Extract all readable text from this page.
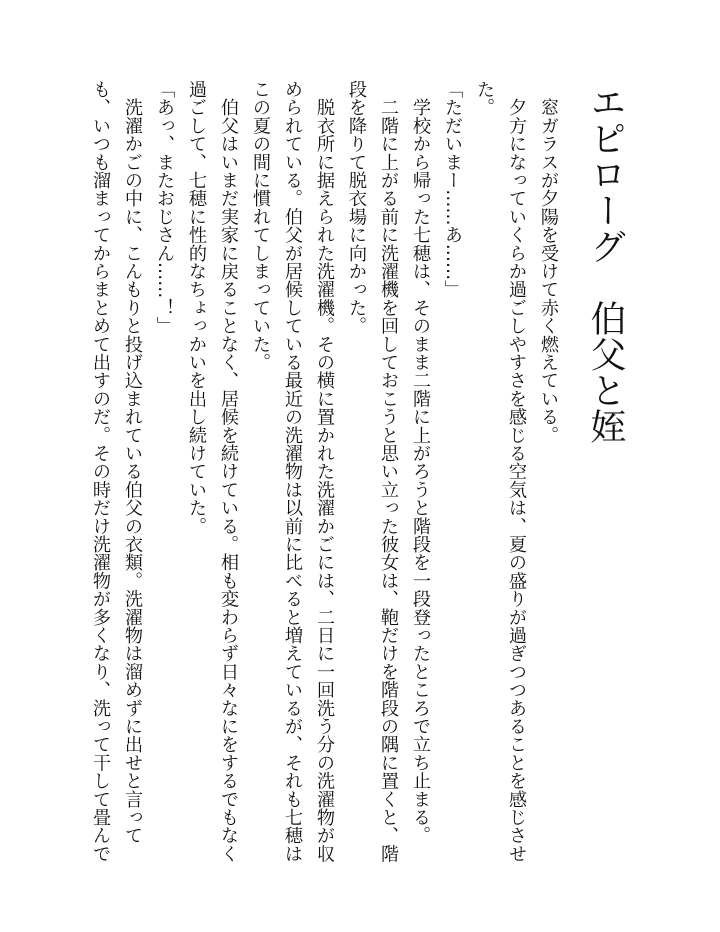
エピローグ　伯父と姪
　窓ガラスが夕陽を受けて赤く燃えている。
　夕方になっていくらか過ごしやすさを感じる空気は、夏の盛りが過ぎつつあることを感じさせ
た。
「ただいまー……あ……」
　学校から帰った七穂は、そのまま二階に上がろうと階段を一段登ったところで立ち止まる。
　二階に上がる前に洗濯機を回しておこうと思い立った彼女は、鞄だけを階段の隅に置くと、階
段を降りて脱衣場に向かった。
　脱衣所に据えられた洗濯機。その横に置かれた洗濯かごには、二日に一回洗う分の洗濯物が収
められている。伯父が居候している最近の洗濯物は以前に比べると増えているが、それも七穂は
この夏の間に慣れてしまっていた。
　伯父はいまだ実家に戻ることなく、居候を続けている。相も変わらず日々なにをするでもなく
過ごして、七穂に性的なちょっかいを出し続けていた。
「あっ、またおじさん……！」
　洗濯かごの中に、こんもりと投げ込まれている伯父の衣類。洗濯物は溜めずに出せと言って
も、いつも溜まってからまとめて出すのだ。その時だけ洗濯物が多くなり、洗って干して畳んで
